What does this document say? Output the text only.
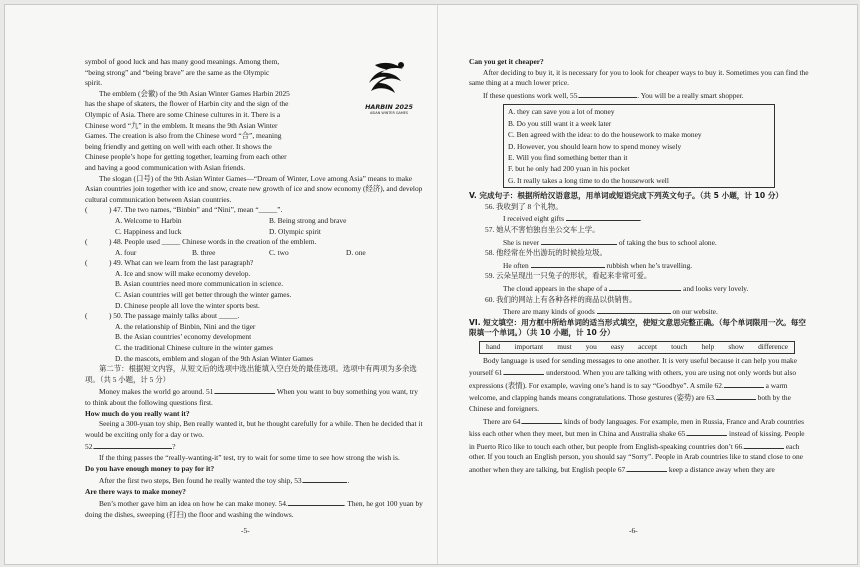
symbol of good luck and has many good meanings. Among them, “being strong” and “being brave” are the same as the Olympic spirit.

The emblem (会徽) of the 9th Asian Winter Games Harbin 2025 has the shape of skaters, the flower of Harbin city and the sign of the Olympic of Asia. There are some Chinese cultures in it. There is a Chinese word “九” in the emblem. It means the 9th Asian Winter Games. The creation is also from the Chinese word “合”, meaning being friendly and getting on well with each other. It shows the Chinese people’s hope for getting together, learning from each other and having a good communication with Asian friends.

The slogan (口号) of the 9th Asian Winter Games—“Dream of Winter, Love among Asia” means to make Asian countries join together with ice and snow, create new growth of ice and snow economy (经济), and develop cultural communication between Asian countries.

(	) 47. The two names, “Binbin” and “Nini”, mean “_____”.
A. Welcome to Harbin	B. Being strong and brave
C. Happiness and luck	D. Olympic spirit
(	) 48. People used _____ Chinese words in the creation of the emblem.
A. four	B. three	C. two	D. one
(	) 49. What can we learn from the last paragraph?
A. Ice and snow will make economy develop.
B. Asian countries need more communication in science.
C. Asian countries will get better through the winter games.
D. Chinese people all love the winter sports best.
(	) 50. The passage mainly talks about _____.
A. the relationship of Binbin, Nini and the tiger
B. the Asian countries’ economy development
C. the traditional Chinese culture in the winter games
D. the mascots, emblem and slogan of the 9th Asian Winter Games

第二节：根据短文内容，从短文后的选项中选出能填入空白处的最佳选项。选项中有两项为多余选项。（共 5 小题，计 5 分）

Money makes the world go around. 51.	When you want to buy something you want, try to think about the following questions first.

How much do you really want it?

Seeing a 300-yuan toy ship, Ben really wanted it, but he thought carefully for a while. Then he decided that it would be exciting only for a day or two.

52.	?

If the thing passes the “really-wanting-it” test, try to wait for some time to see how strong the wish is.

Do you have enough money to pay for it?

After the first two steps, Ben found he really wanted the toy ship, 53.	.

Are there ways to make money?

Ben’s mother gave him an idea on how he can make money. 54.	. Then, he got 100 yuan by doing the dishes, sweeping (打扫) the floor and washing the windows.

HARBIN 2025
ASIAN WINTER GAMES
-5-

Can you get it cheaper?

After deciding to buy it, it is necessary for you to look for cheaper ways to buy it. Sometimes you can find the same thing at a much lower price.

If these questions work well, 55.	. You will be a really smart shopper.

A. they can save you a lot of money
B. Do you still want it a week later
C. Ben agreed with the idea: to do the housework to make money
D. However, you should learn how to spend money wisely
E. Will you find something better than it
F. but he only had 200 yuan in his pocket
G. It really takes a long time to do the housework well

V. 完成句子：根据所给汉语意思，用单词或短语完成下列英文句子。（共 5 小题，计 10 分）

56. 我收到了 8 个礼物。

I received eight gifts	.

57. 她从不害怕独自坐公交车上学。

She is never	of taking the bus to school alone.

58. 他经常在外出游玩的时候捡垃圾。

He often	rubbish when he’s travelling.

59. 云朵呈现出一只兔子的形状，看起来非常可爱。

The cloud appears in the shape of a	and looks very lovely.

60. 我们的网站上有各种各样的商品以供销售。

There are many kinds of goods	on our website.

VI. 短文填空：用方框中所给单词的适当形式填空，使短文意思完整正确。（每个单词限用一次。每空限填一个单词。）（共 10 小题，计 10 分）

hand important must you easy accept touch help show difference

Body language is used for sending messages to one another. It is very useful because it can help you make yourself 61.	understood. When you are talking with others, you are using not only words but also expressions (表情). For example, waving one’s hand is to say “Goodbye”. A smile 62.	a warm welcome, and clapping hands means congratulations. Those gestures (姿势) are 63.	both by the Chinese and foreigners.

There are 64.	kinds of body languages. For example, men in Russia, France and Arab countries kiss each other when they meet, but men in China and Australia shake 65.	instead of kissing. People in Puerto Rico like to touch each other, but people from English-speaking countries don’t 66.	each other. If you touch an English person, you should say “Sorry”. People in Arab countries like to stand close to one another when they are talking, but English people 67.	keep a distance away when they are

-6-
